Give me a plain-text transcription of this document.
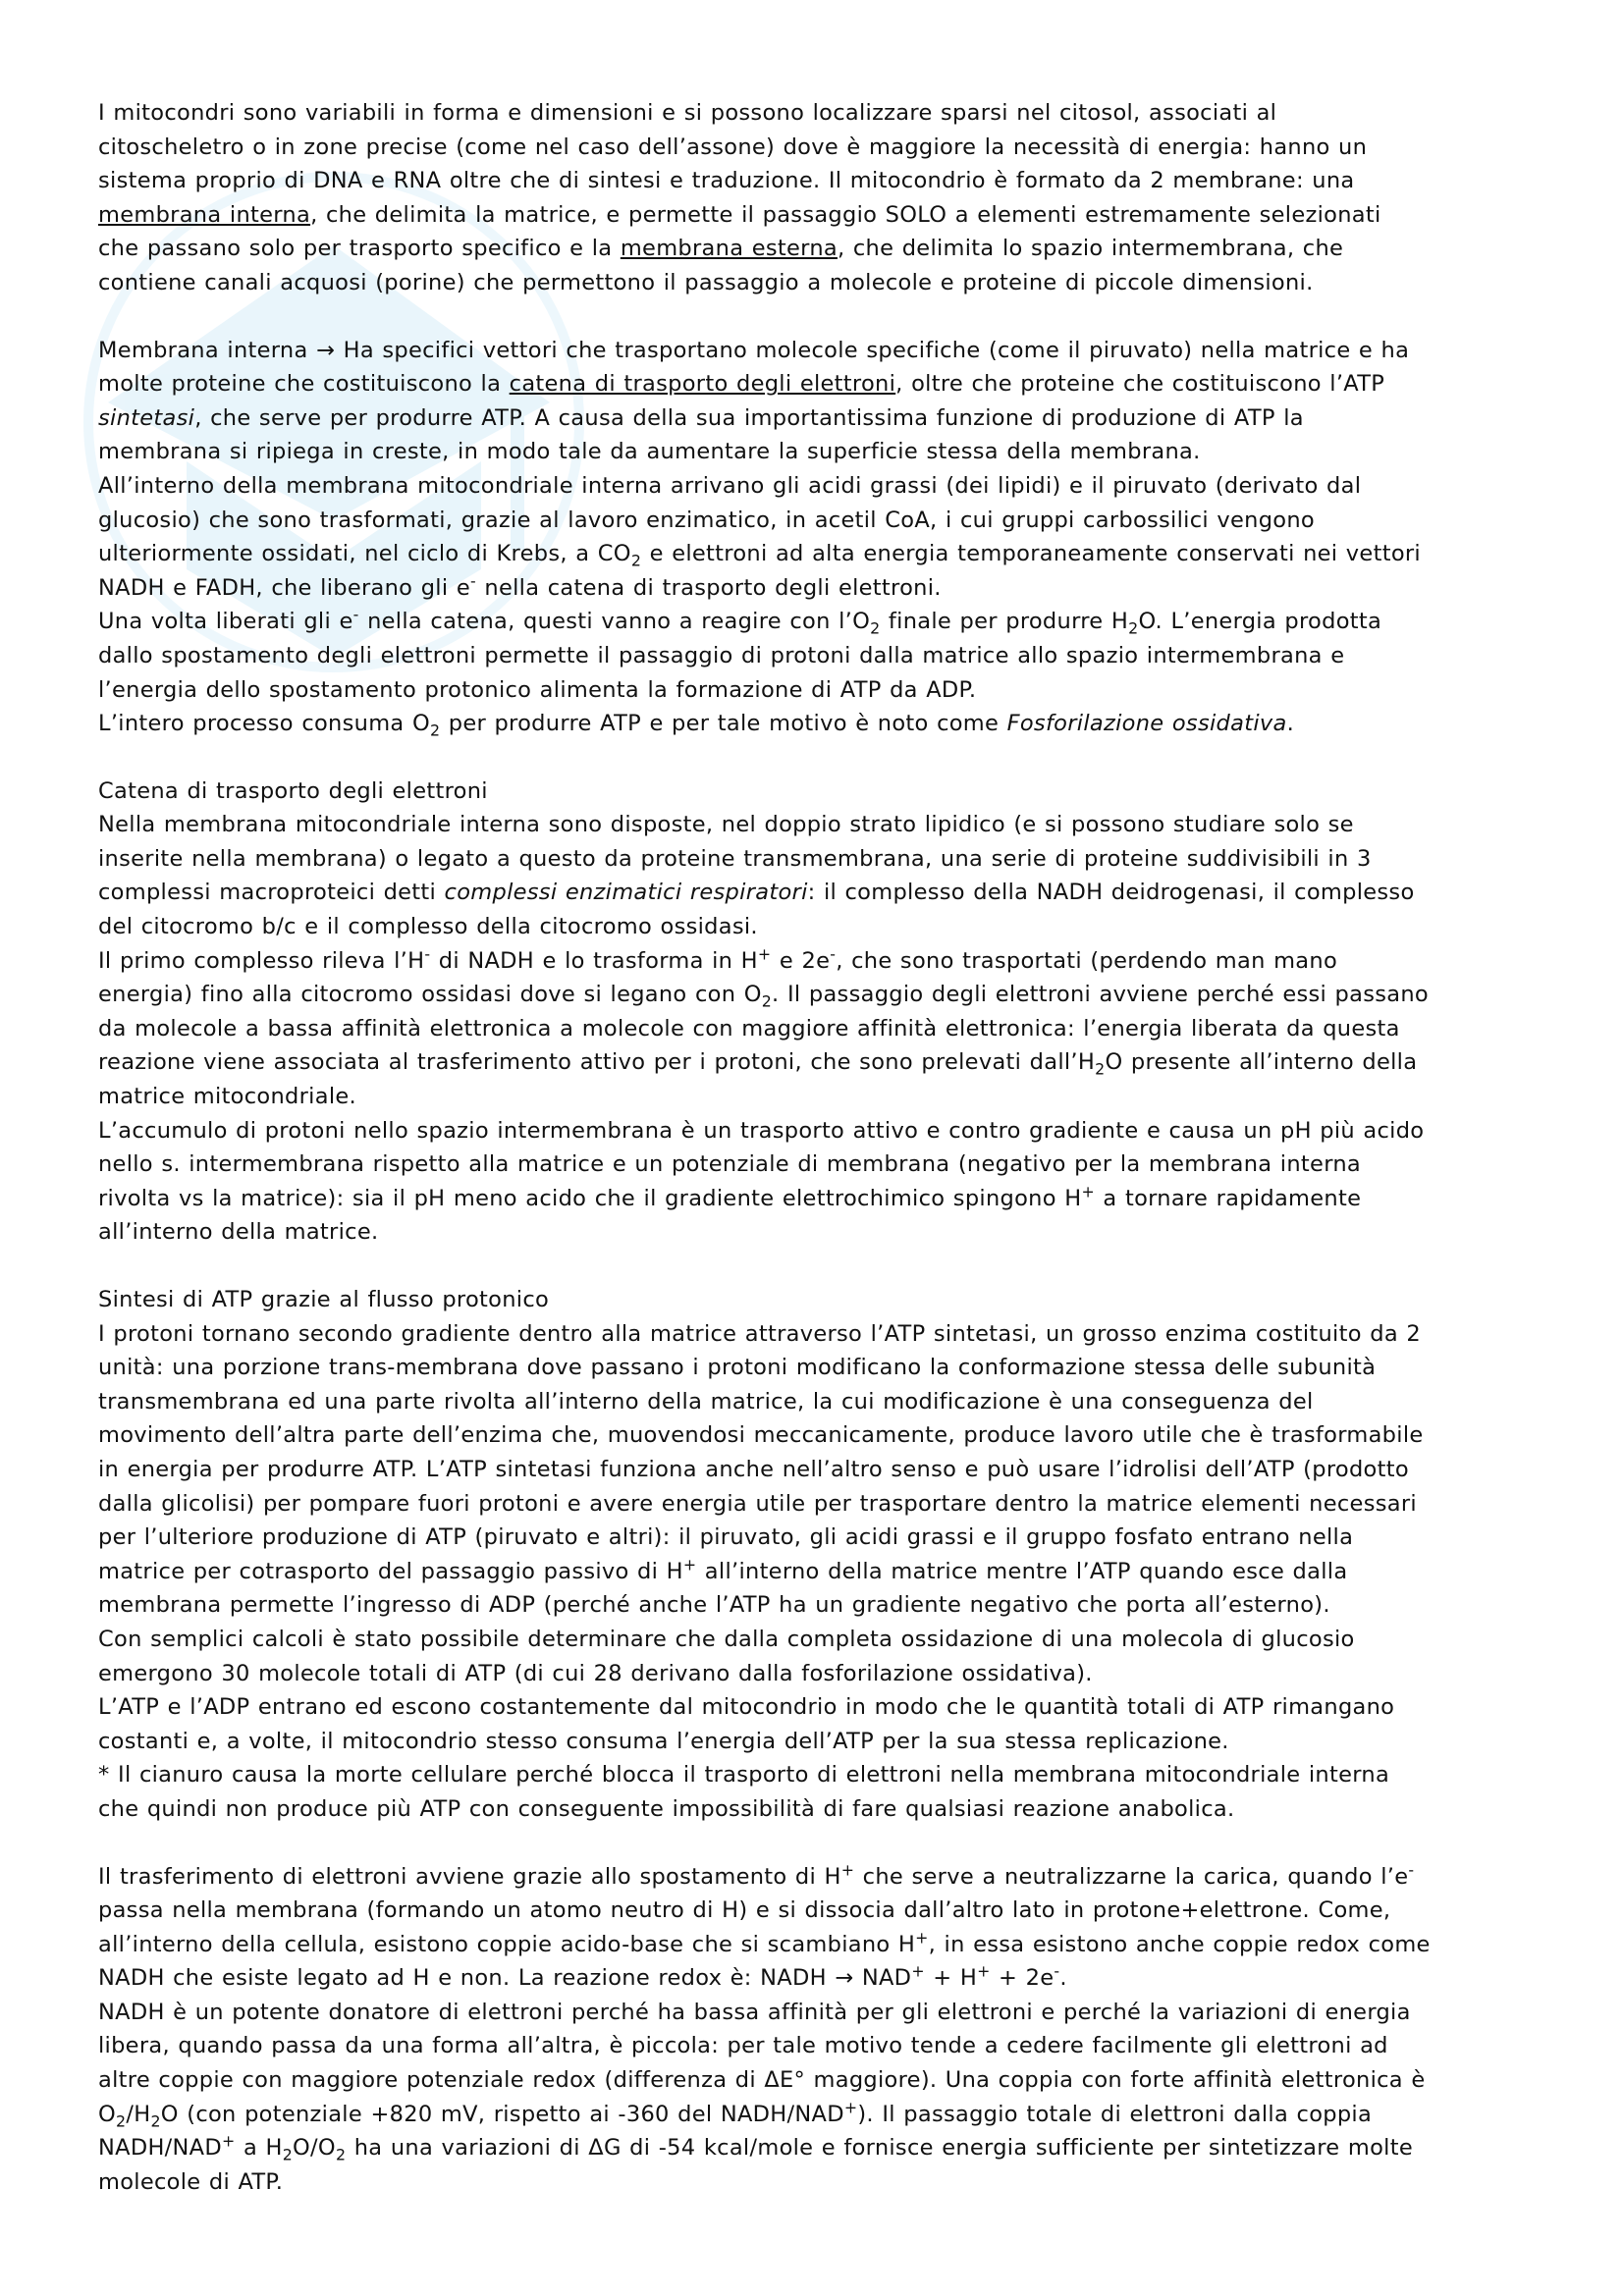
I mitocondri sono variabili in forma e dimensioni e si possono localizzare sparsi nel citosol, associati al
citoscheletro o in zone precise (come nel caso dell’assone) dove è maggiore la necessità di energia: hanno un
sistema proprio di DNA e RNA oltre che di sintesi e traduzione. Il mitocondrio è formato da 2 membrane: una
membrana interna, che delimita la matrice, e permette il passaggio SOLO a elementi estremamente selezionati
che passano solo per trasporto specifico e la membrana esterna, che delimita lo spazio intermembrana, che
contiene canali acquosi (porine) che permettono il passaggio a molecole e proteine di piccole dimensioni.

Membrana interna → Ha specifici vettori che trasportano molecole specifiche (come il piruvato) nella matrice e ha
molte proteine che costituiscono la catena di trasporto degli elettroni, oltre che proteine che costituiscono l’ATP
sintetasi, che serve per produrre ATP. A causa della sua importantissima funzione di produzione di ATP la
membrana si ripiega in creste, in modo tale da aumentare la superficie stessa della membrana.
All’interno della membrana mitocondriale interna arrivano gli acidi grassi (dei lipidi) e il piruvato (derivato dal
glucosio) che sono trasformati, grazie al lavoro enzimatico, in acetil CoA, i cui gruppi carbossilici vengono
ulteriormente ossidati, nel ciclo di Krebs, a $CO_2$ e elettroni ad alta energia temporaneamente conservati nei vettori
NADH e FADH, che liberano gli e- nella catena di trasporto degli elettroni.
Una volta liberati gli e- nella catena, questi vanno a reagire con $l’O_2$ finale per produrre $H_2O$. L’energia prodotta
dallo spostamento degli elettroni permette il passaggio di protoni dalla matrice allo spazio intermembrana e
l’energia dello spostamento protonico alimenta la formazione di ATP da ADP.
L’intero processo consuma $O_2$ per produrre ATP e per tale motivo è noto come Fosforilazione ossidativa.

Catena di trasporto degli elettroni
Nella membrana mitocondriale interna sono disposte, nel doppio strato lipidico (e si possono studiare solo se
inserite nella membrana) o legato a questo da proteine transmembrana, una serie di proteine suddivisibili in 3
complessi macroproteici detti complessi enzimatici respiratori: il complesso della NADH deidrogenasi, il complesso
del citocromo b/c e il complesso della citocromo ossidasi.
Il primo complesso rileva l’H- di NADH e lo trasforma in H+ e 2e-, che sono trasportati (perdendo man mano
energia) fino alla citocromo ossidasi dove si legano con $O_2$. Il passaggio degli elettroni avviene perché essi passano
da molecole a bassa affinità elettronica a molecole con maggiore affinità elettronica: l’energia liberata da questa
reazione viene associata al trasferimento attivo per i protoni, che sono prelevati $dall’H_2O$ presente all’interno della
matrice mitocondriale.
L’accumulo di protoni nello spazio intermembrana è un trasporto attivo e contro gradiente e causa un pH più acido
nello s. intermembrana rispetto alla matrice e un potenziale di membrana (negativo per la membrana interna
rivolta vs la matrice): sia il pH meno acido che il gradiente elettrochimico spingono H+ a tornare rapidamente
all’interno della matrice.

Sintesi di ATP grazie al flusso protonico
I protoni tornano secondo gradiente dentro alla matrice attraverso l’ATP sintetasi, un grosso enzima costituito da 2
unità: una porzione trans-membrana dove passano i protoni modificano la conformazione stessa delle subunità
transmembrana ed una parte rivolta all’interno della matrice, la cui modificazione è una conseguenza del
movimento dell’altra parte dell’enzima che, muovendosi meccanicamente, produce lavoro utile che è trasformabile
in energia per produrre ATP. L’ATP sintetasi funziona anche nell’altro senso e può usare l’idrolisi dell’ATP (prodotto
dalla glicolisi) per pompare fuori protoni e avere energia utile per trasportare dentro la matrice elementi necessari
per l’ulteriore produzione di ATP (piruvato e altri): il piruvato, gli acidi grassi e il gruppo fosfato entrano nella
matrice per cotrasporto del passaggio passivo di H+ all’interno della matrice mentre l’ATP quando esce dalla
membrana permette l’ingresso di ADP (perché anche l’ATP ha un gradiente negativo che porta all’esterno).
Con semplici calcoli è stato possibile determinare che dalla completa ossidazione di una molecola di glucosio
emergono 30 molecole totali di ATP (di cui 28 derivano dalla fosforilazione ossidativa).
L’ATP e l’ADP entrano ed escono costantemente dal mitocondrio in modo che le quantità totali di ATP rimangano
costanti e, a volte, il mitocondrio stesso consuma l’energia dell’ATP per la sua stessa replicazione.
* Il cianuro causa la morte cellulare perché blocca il trasporto di elettroni nella membrana mitocondriale interna
che quindi non produce più ATP con conseguente impossibilità di fare qualsiasi reazione anabolica.

Il trasferimento di elettroni avviene grazie allo spostamento di H+ che serve a neutralizzarne la carica, quando l’e-
passa nella membrana (formando un atomo neutro di H) e si dissocia dall’altro lato in protone+elettrone. Come,
all’interno della cellula, esistono coppie acido-base che si scambiano H+, in essa esistono anche coppie redox come
NADH che esiste legato ad H e non. La reazione redox è: NADH → NAD+ + H+ + 2e-.
NADH è un potente donatore di elettroni perché ha bassa affinità per gli elettroni e perché la variazioni di energia
libera, quando passa da una forma all’altra, è piccola: per tale motivo tende a cedere facilmente gli elettroni ad
altre coppie con maggiore potenziale redox (differenza di ΔE° maggiore). Una coppia con forte affinità elettronica è
$O_2/H_2O$ (con potenziale +820 mV, rispetto ai -360 del NADH/NAD+). Il passaggio totale di elettroni dalla coppia
NADH/NAD+ a $H_2O/O_2$ ha una variazioni di ΔG di -54 kcal/mole e fornisce energia sufficiente per sintetizzare molte
molecole di ATP.
